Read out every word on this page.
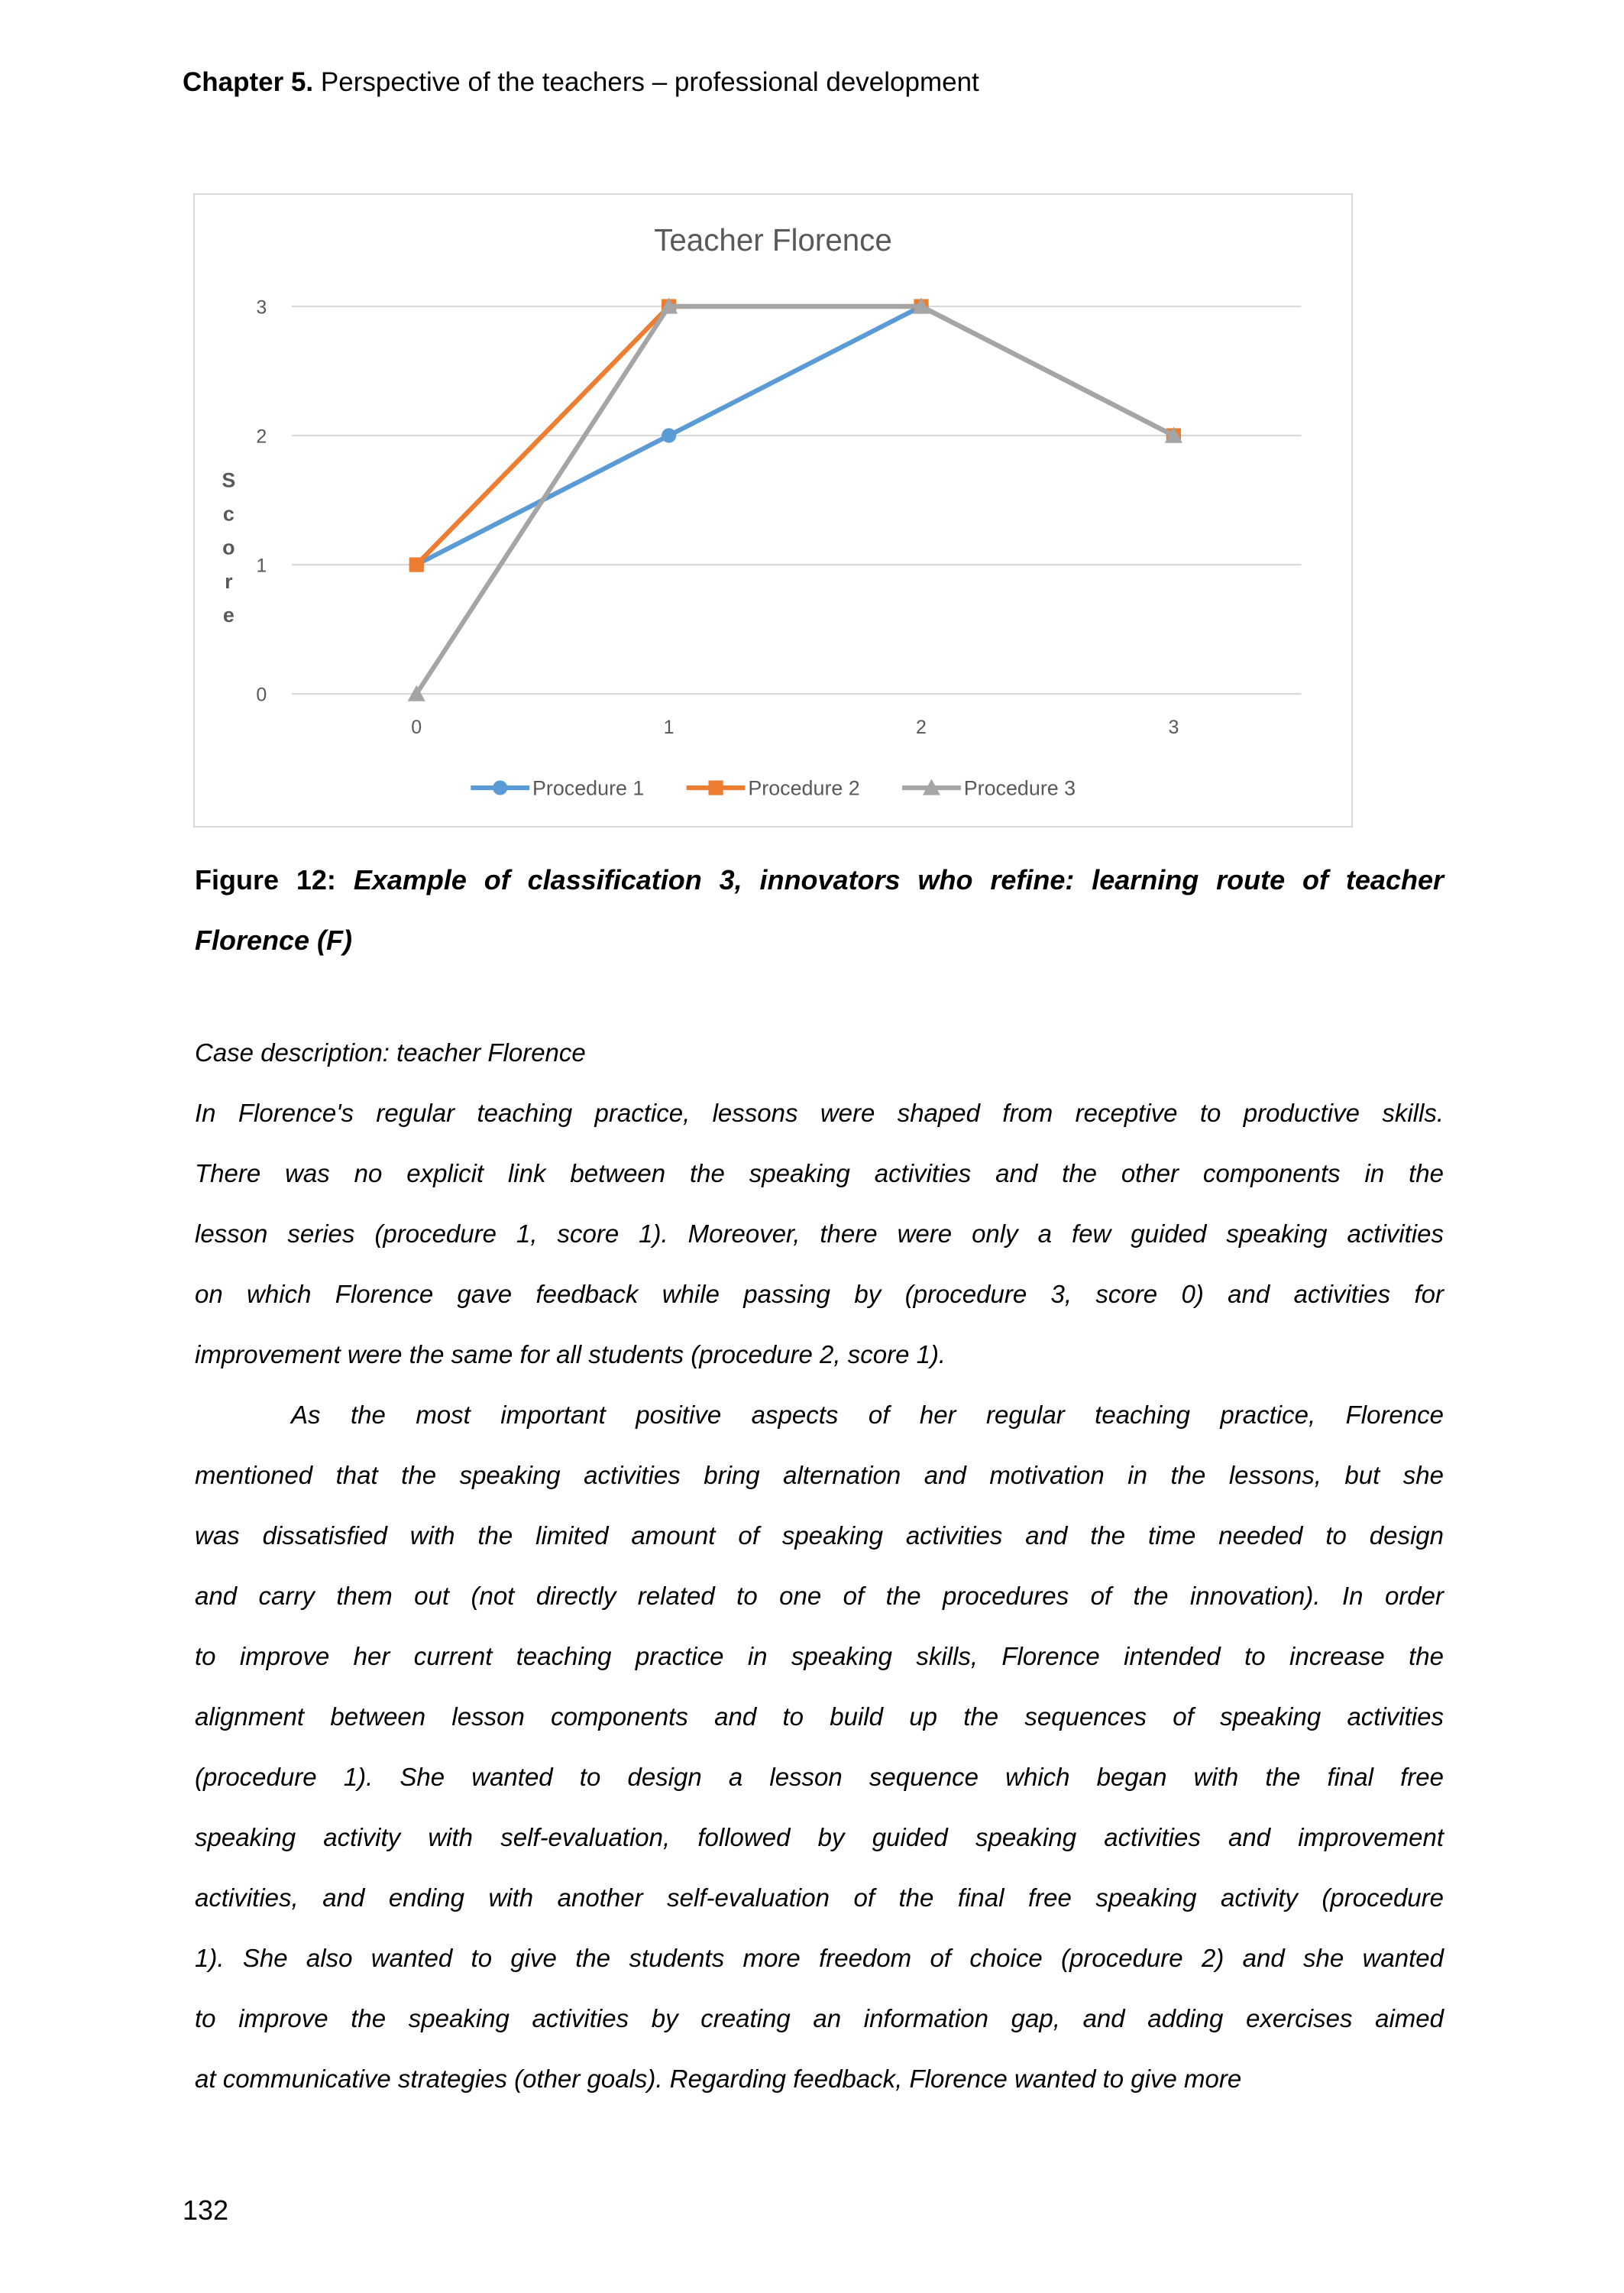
Chapter 5. Perspective of the teachers – professional development
Teacher Florence
0
1
2
3
0	1	2	3
S
c
o
r
e
Procedure 1	Procedure 2	Procedure 3
Figure 12: Example of classification 3, innovators who refine: learning route of teacher
Florence (F)
Case description: teacher Florence
In Florence's regular teaching practice, lessons were shaped from receptive to productive skills.
There was no explicit link between the speaking activities and the other components in the
lesson series (procedure 1, score 1). Moreover, there were only a few guided speaking activities
on which Florence gave feedback while passing by (procedure 3, score 0) and activities for
improvement were the same for all students (procedure 2, score 1).
As the most important positive aspects of her regular teaching practice, Florence
mentioned that the speaking activities bring alternation and motivation in the lessons, but she
was dissatisfied with the limited amount of speaking activities and the time needed to design
and carry them out (not directly related to one of the procedures of the innovation). In order
to improve her current teaching practice in speaking skills, Florence intended to increase the
alignment between lesson components and to build up the sequences of speaking activities
(procedure 1). She wanted to design a lesson sequence which began with the final free
speaking activity with self-evaluation, followed by guided speaking activities and improvement
activities, and ending with another self-evaluation of the final free speaking activity (procedure
1). She also wanted to give the students more freedom of choice (procedure 2) and she wanted
to improve the speaking activities by creating an information gap, and adding exercises aimed
at communicative strategies (other goals). Regarding feedback, Florence wanted to give more
132
